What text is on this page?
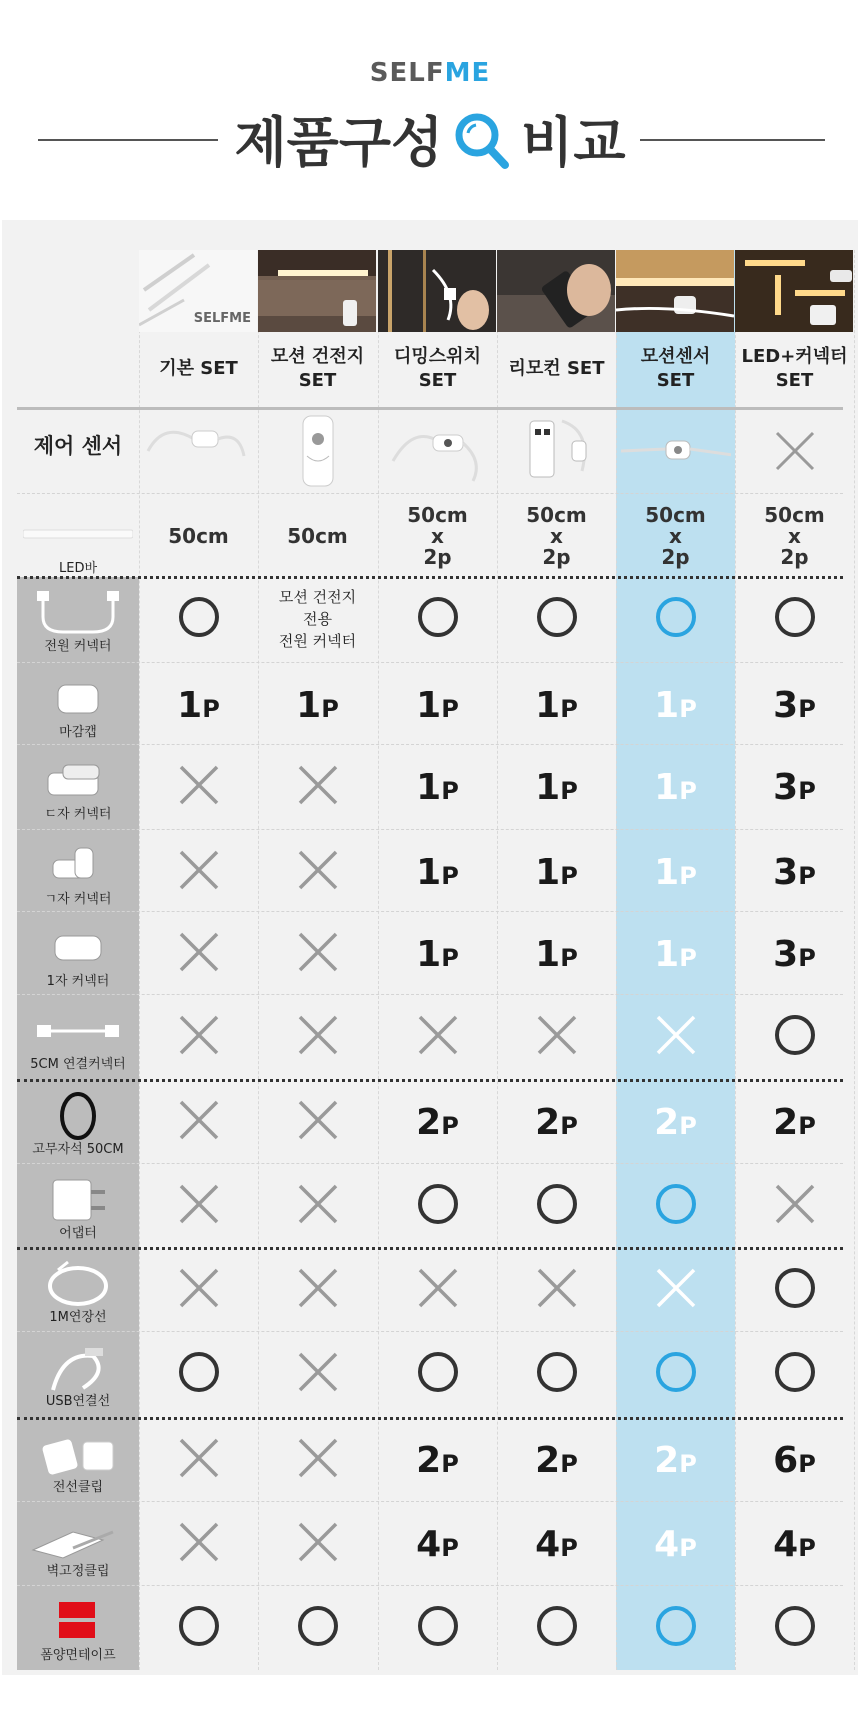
SELFME
제품구성 비교
SELFME
기본 SET
모션 건전지
SET
디밍스위치
SET
리모컨 SET
모션센서
SET
LED+커넥터
SET
제어 센서
LED바
50cm	50cm
50cm
x
2p
50cm
x
2p
50cm
x
2p
50cm
x
2p
전원 커넥터
모션 건전지
전용
전원 커넥터
마감캡
1P 1P 1P 1P 1P 3P
ㄷ자 커넥터
1P 1P 1P 3P
ㄱ자 커넥터
1P 1P 1P 3P
1자 커넥터
1P 1P 1P 3P
5CM 연결커넥터
고무자석 50CM
2P 2P 2P 2P
어댑터
1M연장선
USB연결선
전선클립
2P 2P 2P 6P
벽고정클립
4P 4P 4P 4P
폼양면테이프
